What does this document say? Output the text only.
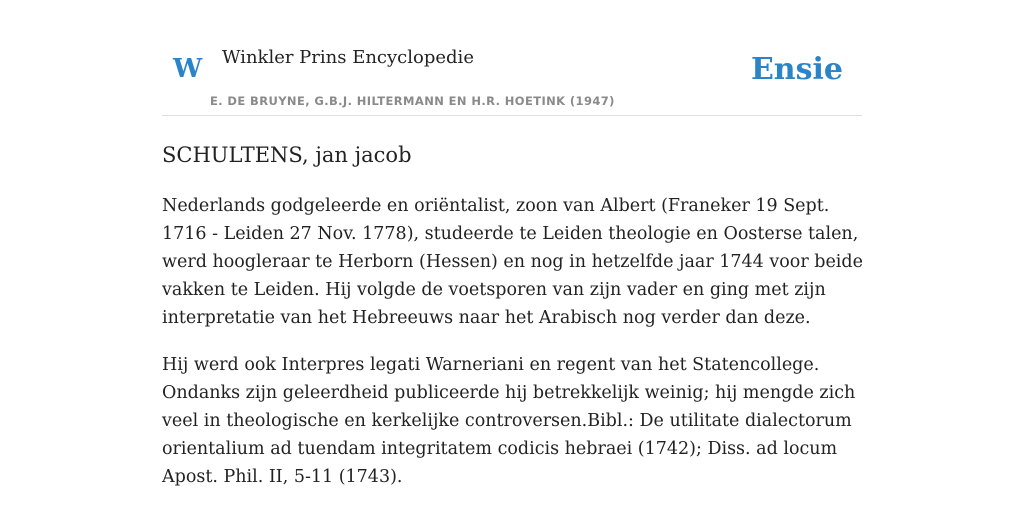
W Winkler Prins Encyclopedie
E. DE BRUYNE, G.B.J. HILTERMANN EN H.R. HOETINK (1947)
Ensie
SCHULTENS, jan jacob

Nederlands godgeleerde en oriëntalist, zoon van Albert (Franeker 19 Sept. 1716 - Leiden 27 Nov. 1778), studeerde te Leiden theologie en Oosterse talen, werd hoogleraar te Herborn (Hessen) en nog in hetzelfde jaar 1744 voor beide vakken te Leiden. Hij volgde de voetsporen van zijn vader en ging met zijn interpretatie van het Hebreeuws naar het Arabisch nog verder dan deze.

Hij werd ook Interpres legati Warneriani en regent van het Statencollege. Ondanks zijn geleerdheid publiceerde hij betrekkelijk weinig; hij mengde zich veel in theologische en kerkelijke controversen.Bibl.: De utilitate dialectorum orientalium ad tuendam integritatem codicis hebraei (1742); Diss. ad locum Apost. Phil. II, 5-11 (1743).
